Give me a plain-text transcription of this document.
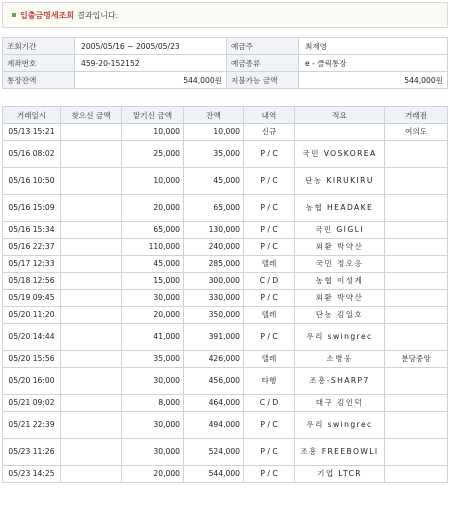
입출금명세조회 결과입니다.
조회기간	2005/05/16 ~ 2005/05/23	예금주	최재영
계좌번호	459-20-152152	예금종류	e - 클릭통장
통장잔액	544,000원	지불가능 금액	544,000원
거래일시	찾으신 금액	맡기신 금액	잔액	내역	적요	거래점
05/13 15:21		10,000	10,000	신규		여의도
05/16 08:02		25,000	35,000	P / C	국민 VOSKOREA	
05/16 10:50		10,000	45,000	P / C	단농 KIRUKIRU	
05/16 15:09		20,000	65,000	P / C	농협 HEADAKE	
05/16 15:34		65,000	130,000	P / C	국민 GIGLI	
05/16 22:37		110,000	240,000	P / C	외환 박약산	
05/17 12:33		45,000	285,000	텔레	국민 정오응	
05/18 12:56		15,000	300,000	C / D	농협 이성계	
05/19 09:45		30,000	330,000	P / C	외환 박약산	
05/20 11:20		20,000	350,000	텔레	단농 김일호	
05/20 14:44		41,000	391,000	P / C	우리 swingrec	
05/20 15:56		35,000	426,000	텔레	소병웅	분당중앙
05/20 16:00		30,000	456,000	타행	조흥-SHARP7	
05/21 09:02		8,000	464,000	C / D	대구 김인덕	
05/21 22:39		30,000	494,000	P / C	우리 swingrec	
05/23 11:26		30,000	524,000	P / C	조흥 FREEBOWLI	
05/23 14:25		20,000	544,000	P / C	기업 LTCR	
